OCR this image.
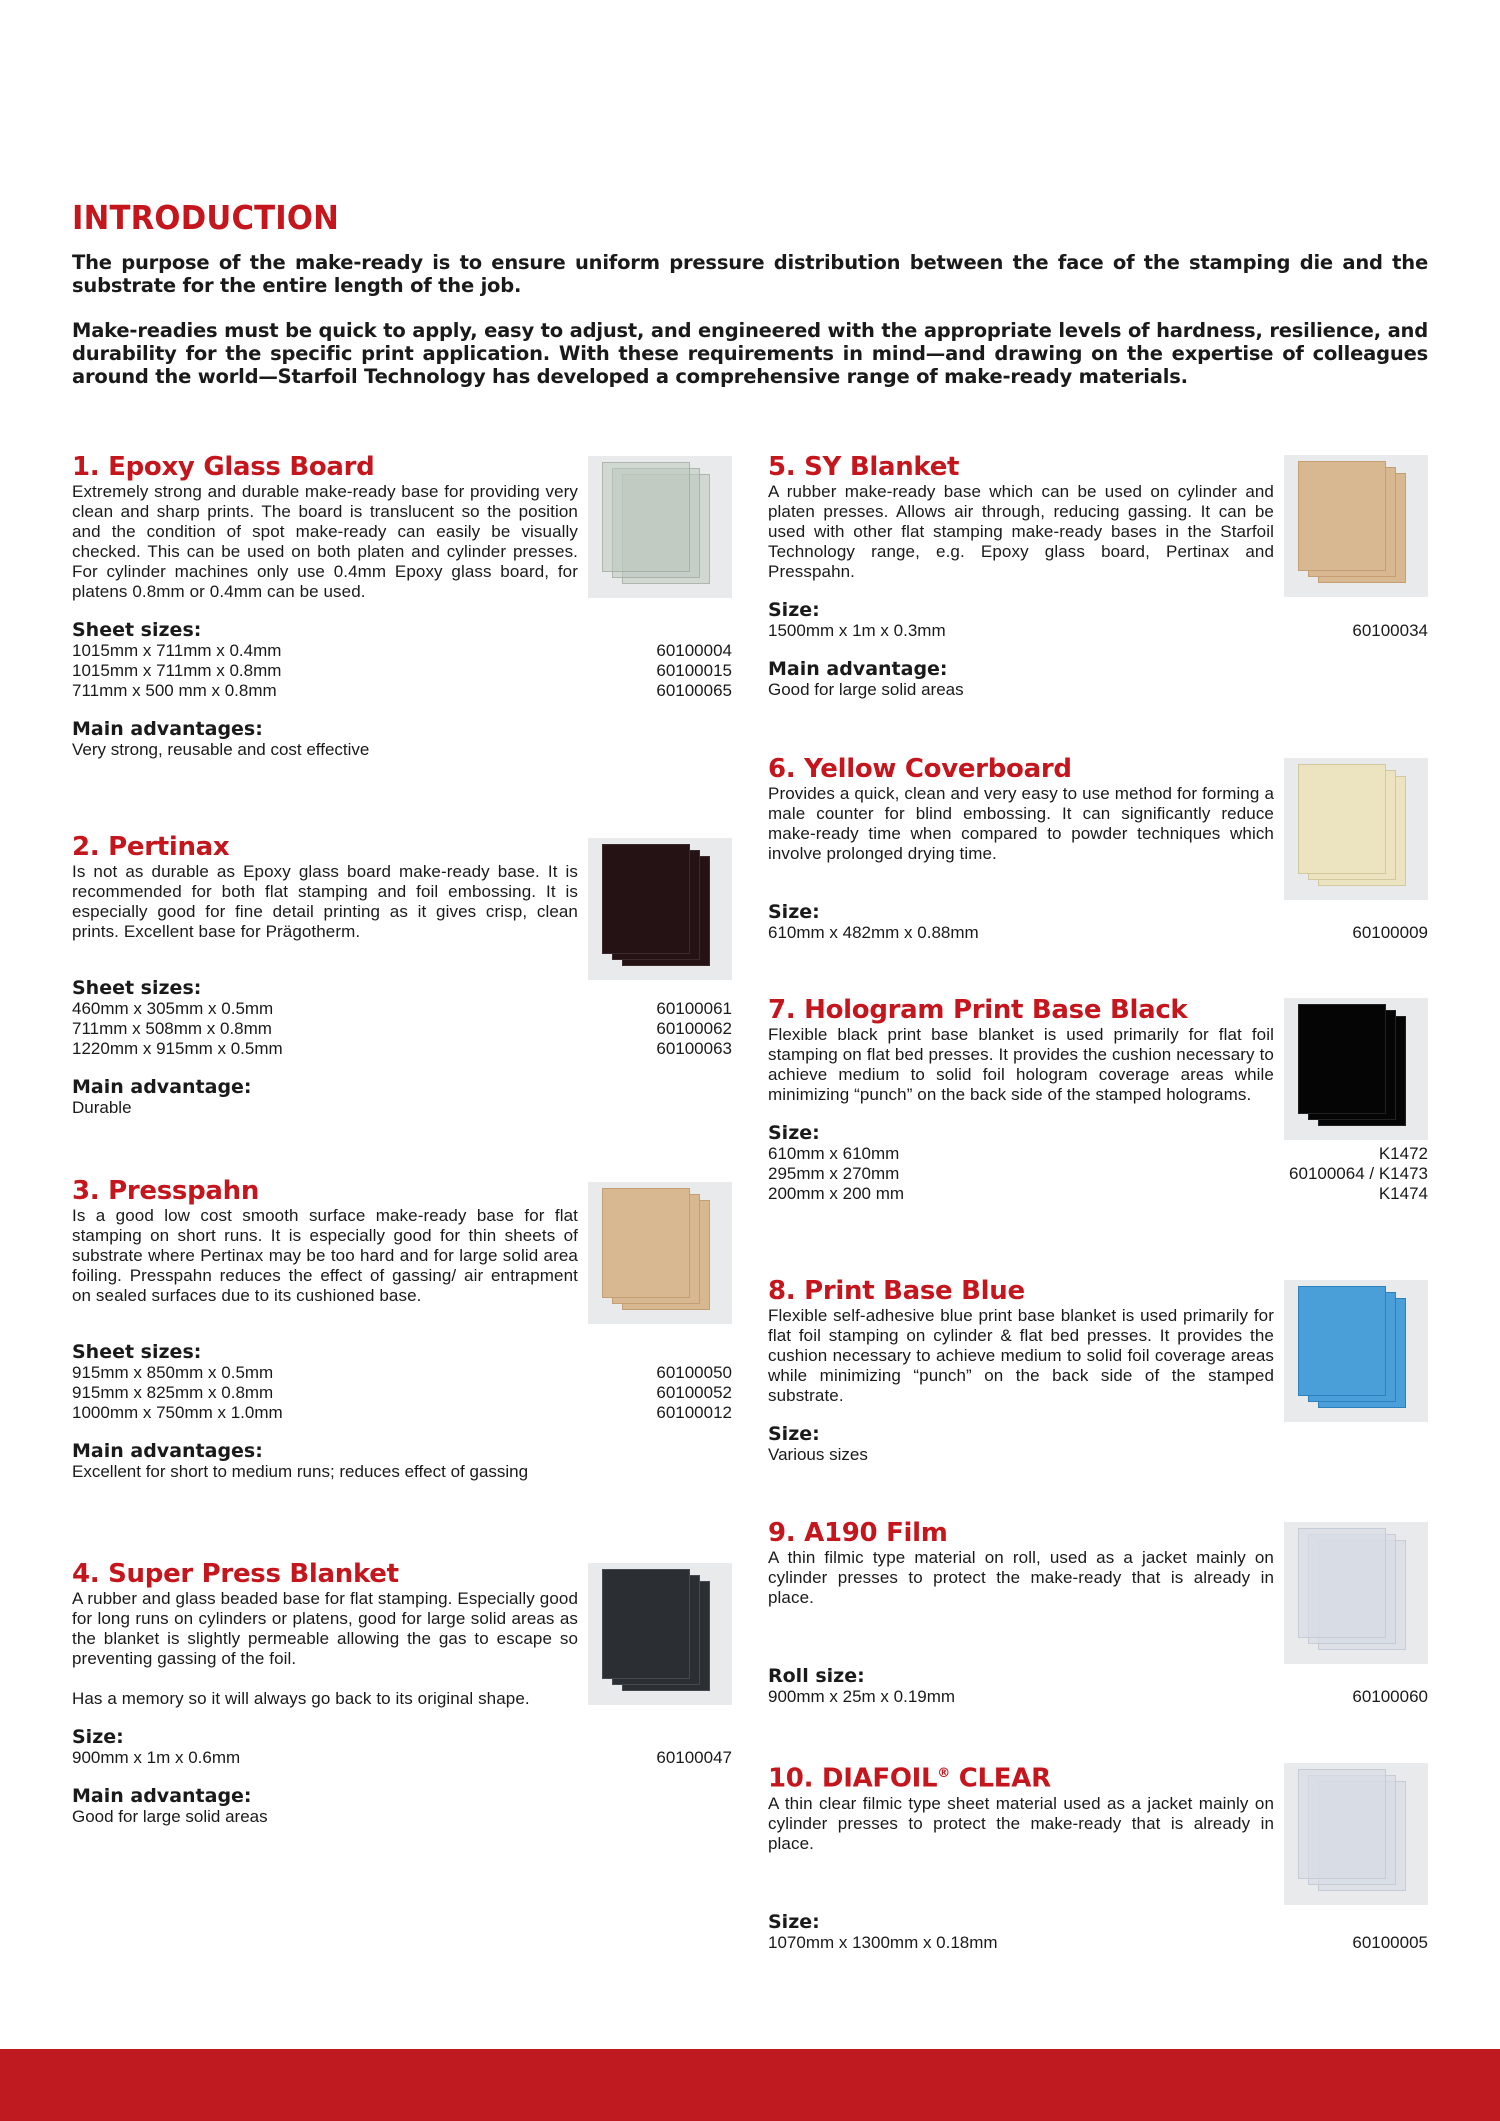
INTRODUCTION

The purpose of the make-ready is to ensure uniform pressure distribution between the face of the stamping die and the substrate for the entire length of the job.

Make-readies must be quick to apply, easy to adjust, and engineered with the appropriate levels of hardness, resilience, and durability for the specific print application. With these requirements in mind—and drawing on the expertise of colleagues around the world—Starfoil Technology has developed a comprehensive range of make-ready materials.

1. Epoxy Glass Board

Extremely strong and durable make-ready base for providing very clean and sharp prints. The board is translucent so the position and the condition of spot make-ready can easily be visually checked. This can be used on both platen and cylinder presses. For cylinder machines only use 0.4mm Epoxy glass board, for platens 0.8mm or 0.4mm can be used.

Sheet sizes:
1015mm x 711mm x 0.4mm	60100004
1015mm x 711mm x 0.8mm	60100015
711mm x 500 mm x 0.8mm	60100065
Main advantages:
Very strong, reusable and cost effective
2. Pertinax

Is not as durable as Epoxy glass board make-ready base. It is recommended for both flat stamping and foil embossing. It is especially good for fine detail printing as it gives crisp, clean prints. Excellent base for Prägotherm.

Sheet sizes:
460mm x 305mm x 0.5mm	60100061
711mm x 508mm x 0.8mm	60100062
1220mm x 915mm x 0.5mm	60100063
Main advantage:
Durable
3. Presspahn

Is a good low cost smooth surface make-ready base for flat stamping on short runs. It is especially good for thin sheets of substrate where Pertinax may be too hard and for large solid area foiling. Presspahn reduces the effect of gassing/ air entrapment on sealed surfaces due to its cushioned base.

Sheet sizes:
915mm x 850mm x 0.5mm	60100050
915mm x 825mm x 0.8mm	60100052
1000mm x 750mm x 1.0mm	60100012
Main advantages:
Excellent for short to medium runs; reduces effect of gassing
4. Super Press Blanket

A rubber and glass beaded base for flat stamping. Especially good for long runs on cylinders or platens, good for large solid areas as the blanket is slightly permeable allowing the gas to escape so preventing gassing of the foil.

Has a memory so it will always go back to its original shape.

Size:
900mm x 1m x 0.6mm	60100047
Main advantage:
Good for large solid areas
5. SY Blanket

A rubber make-ready base which can be used on cylinder and platen presses. Allows air through, reducing gassing. It can be used with other flat stamping make-ready bases in the Starfoil Technology range, e.g. Epoxy glass board, Pertinax and Presspahn.

Size:
1500mm x 1m x 0.3mm	60100034
Main advantage:
Good for large solid areas
6. Yellow Coverboard

Provides a quick, clean and very easy to use method for forming a male counter for blind embossing. It can significantly reduce make-ready time when compared to powder techniques which involve prolonged drying time.

Size:
610mm x 482mm x 0.88mm	60100009
7. Hologram Print Base Black

Flexible black print base blanket is used primarily for flat foil stamping on flat bed presses. It provides the cushion necessary to achieve medium to solid foil hologram coverage areas while minimizing “punch” on the back side of the stamped holograms.

Size:
610mm x 610mm	K1472
295mm x 270mm	60100064 / K1473
200mm x 200 mm	K1474
8. Print Base Blue

Flexible self-adhesive blue print base blanket is used primarily for flat foil stamping on cylinder & flat bed presses. It provides the cushion necessary to achieve medium to solid foil coverage areas while minimizing “punch” on the back side of the stamped substrate.

Size:
Various sizes
9. A190 Film

A thin filmic type material on roll, used as a jacket mainly on cylinder presses to protect the make-ready that is already in place.

Roll size:
900mm x 25m x 0.19mm	60100060
10. DIAFOIL® CLEAR

A thin clear filmic type sheet material used as a jacket mainly on cylinder presses to protect the make-ready that is already in place.

Size:
1070mm x 1300mm x 0.18mm	60100005
